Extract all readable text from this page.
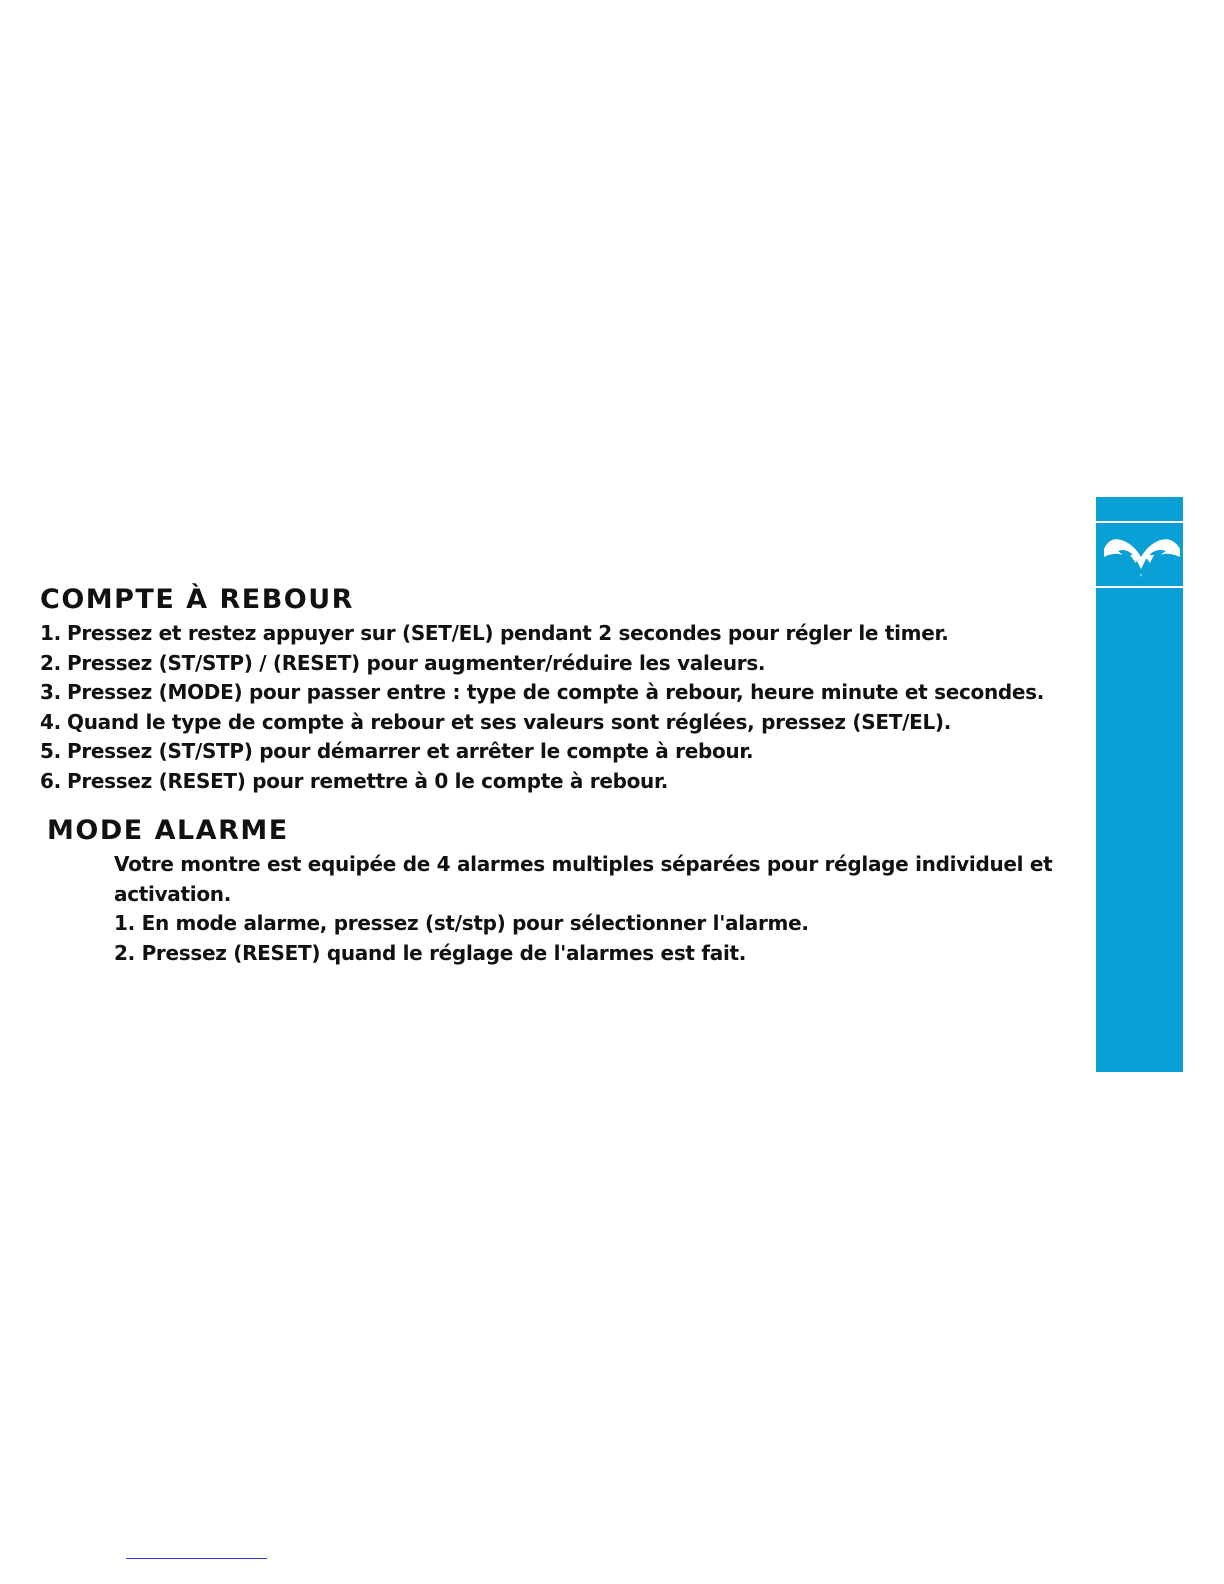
COMPTE À REBOUR
1. Pressez et restez appuyer sur (SET/EL) pendant 2 secondes pour régler le timer.
2. Pressez (ST/STP) / (RESET) pour augmenter/réduire les valeurs.
3. Pressez (MODE) pour passer entre : type de compte à rebour, heure minute et secondes.
4. Quand le type de compte à rebour et ses valeurs sont réglées, pressez (SET/EL).
5. Pressez (ST/STP) pour démarrer et arrêter le compte à rebour.
6. Pressez (RESET) pour remettre à 0 le compte à rebour.
MODE ALARME

Votre montre est equipée de 4 alarmes multiples séparées pour réglage individuel et activation.

1. En mode alarme, pressez (st/stp) pour sélectionner l'alarme.
2. Pressez (RESET) quand le réglage de l'alarmes est fait.
